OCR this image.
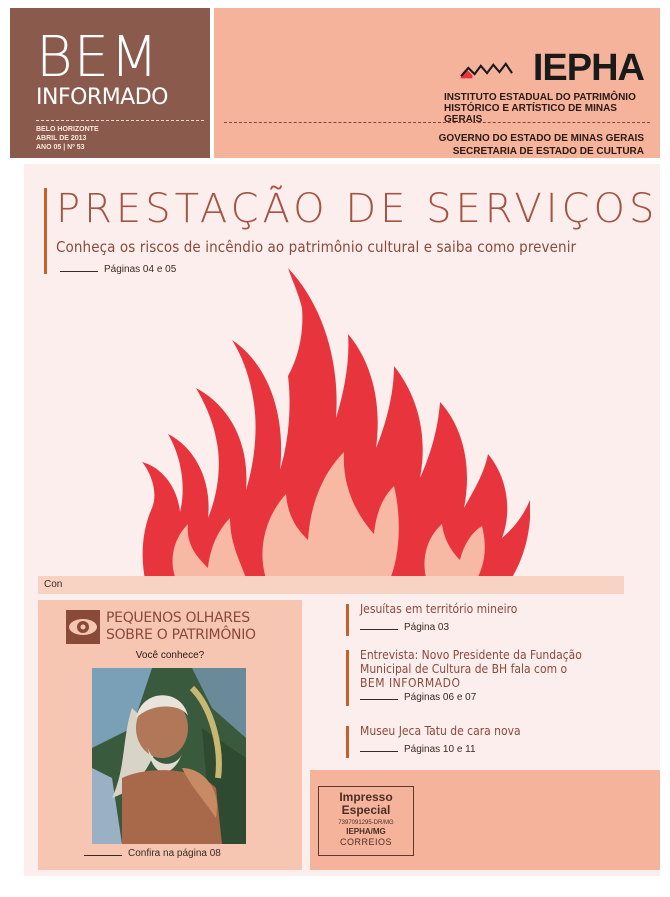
BEM
INFORMADO
BELO HORIZONTE
ABRIL DE 2013
ANO 05 | Nº 53
IEPHA
INSTITUTO ESTADUAL DO PATRIMÔNIO
HISTÓRICO E ARTÍSTICO DE MINAS GERAIS
GOVERNO DO ESTADO DE MINAS GERAIS
SECRETARIA DE ESTADO DE CULTURA
PRESTAÇÃO DE SERVIÇOS
Conheça os riscos de incêndio ao patrimônio cultural e saiba como prevenir
Páginas 04 e 05
Con
PEQUENOS OLHARES
SOBRE O PATRIMÔNIO
Você conhece?
Confira na página 08
Jesuítas em território mineiro
Página 03
Entrevista: Novo Presidente da Fundação
Municipal de Cultura de BH fala com o
BEM INFORMADO
Páginas 06 e 07
Museu Jeca Tatu de cara nova
Páginas 10 e 11
Impresso
Especial
7397091295-DR/MG
IEPHA/MG
CORREIOS
